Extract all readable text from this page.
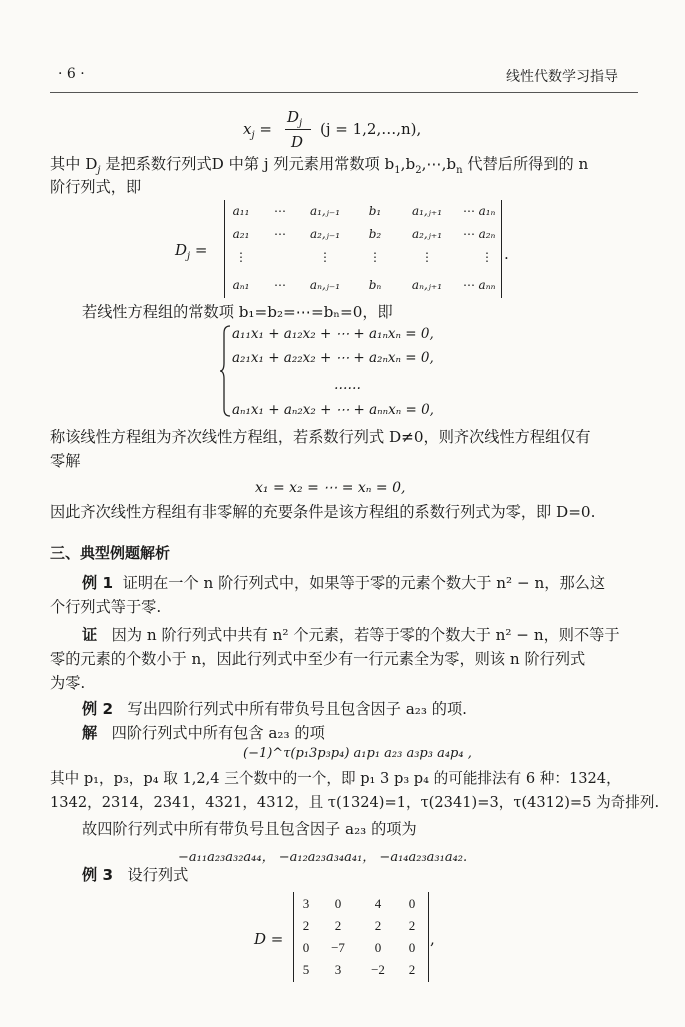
· 6 ·	线性代数学习指导
$x_j$ =
$D_j$
D
(j = 1,2,…,n),
其中 $D_j$ 是把系数行列式D 中第 j 列元素用常数项 $b_1,b_2,\cdots,b_n$ 代替后所得到的 n
阶行列式，即
$D_j$ =
a₁₁ ⋯ a₁,ⱼ₋₁ b₁	a₁,ⱼ₊₁ ⋯ a₁ₙ
a₂₁ ⋯ a₂,ⱼ₋₁ b₂	a₂,ⱼ₊₁ ⋯ a₂ₙ
⋮	⋮	⋮	⋮	⋮
aₙ₁ ⋯ aₙ,ⱼ₋₁ bₙ	aₙ,ⱼ₊₁ ⋯ aₙₙ
.
若线性方程组的常数项 b₁=b₂=⋯=bₙ=0，即
a₁₁x₁ + a₁₂x₂ + ⋯ + a₁ₙxₙ = 0,
a₂₁x₁ + a₂₂x₂ + ⋯ + a₂ₙxₙ = 0,
……
aₙ₁x₁ + aₙ₂x₂ + ⋯ + aₙₙxₙ = 0,
称该线性方程组为齐次线性方程组，若系数行列式 D≠0，则齐次线性方程组仅有
零解
x₁ = x₂ = ⋯ = xₙ = 0,
因此齐次线性方程组有非零解的充要条件是该方程组的系数行列式为零，即 D=0.
三、典型例题解析
例 1 证明在一个 n 阶行列式中，如果等于零的元素个数大于 n² − n，那么这
个行列式等于零.
证 因为 n 阶行列式中共有 n² 个元素，若等于零的个数大于 n² − n，则不等于
零的元素的个数小于 n，因此行列式中至少有一行元素全为零，则该 n 阶行列式
为零.
例 2 写出四阶行列式中所有带负号且包含因子 a₂₃ 的项.
解 四阶行列式中所有包含 a₂₃ 的项
(−1)^τ(p₁3p₃p₄) a₁p₁ a₂₃ a₃p₃ a₄p₄ ,
其中 p₁，p₃，p₄ 取 1,2,4 三个数中的一个，即 p₁ 3 p₃ p₄ 的可能排法有 6 种：1324，
1342，2314，2341，4321，4312，且 τ(1324)=1，τ(2341)=3，τ(4312)=5 为奇排列.
故四阶行列式中所有带负号且包含因子 a₂₃ 的项为
−a₁₁a₂₃a₃₂a₄₄， −a₁₂a₂₃a₃₄a₄₁， −a₁₄a₂₃a₃₁a₄₂.
例 3 设行列式
D =
3 0	4 0
2 2	2 2
0 −7 0 0
5 3 −2 2
,
